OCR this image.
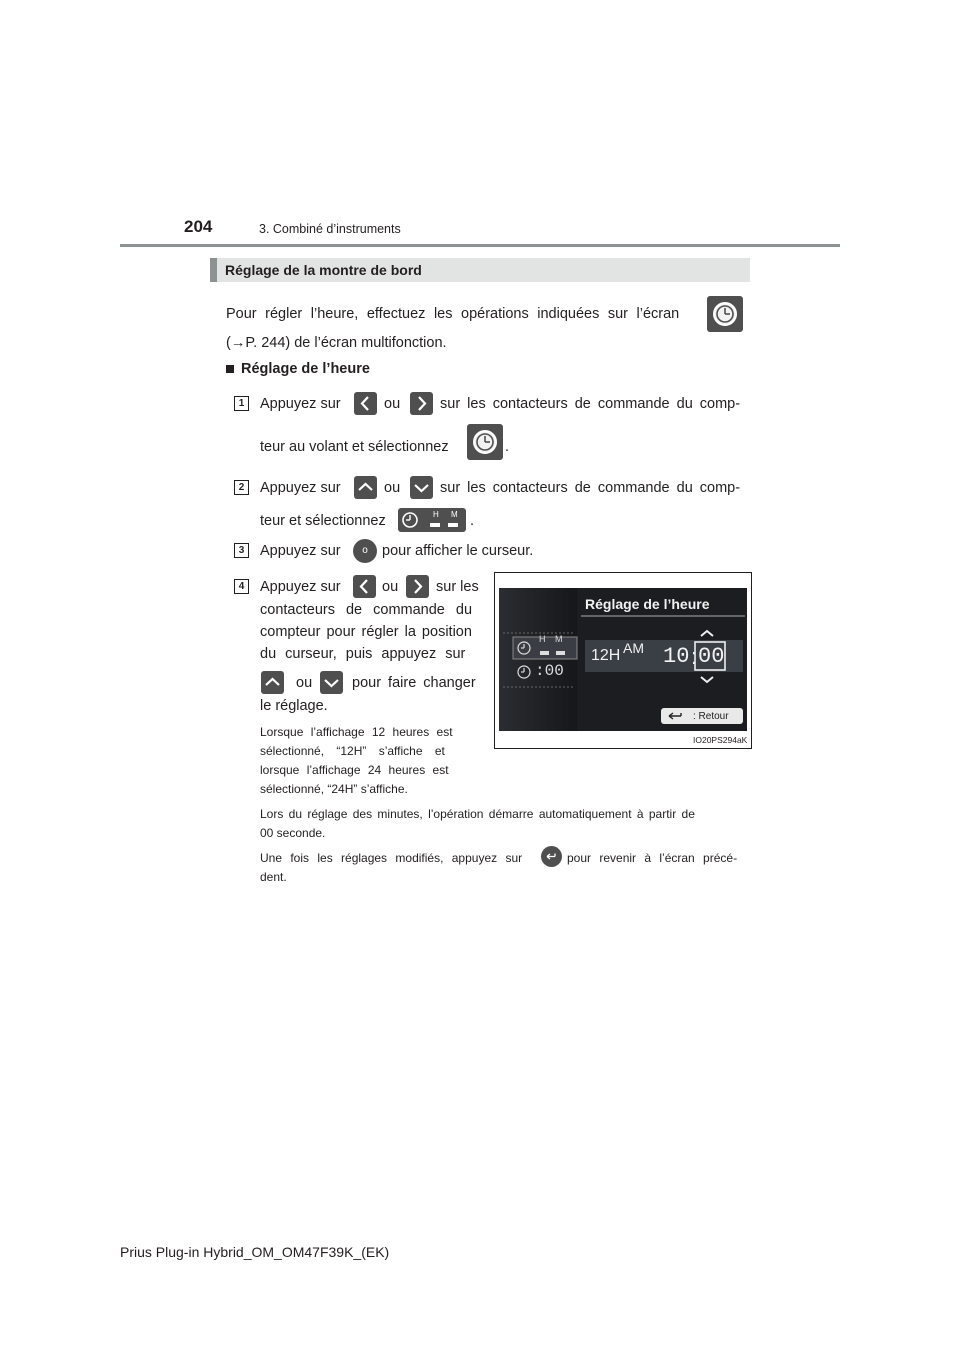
204	3. Combiné d’instruments
Réglage de la montre de bord
Pour régler l’heure, effectuez les opérations indiquées sur l’écran
(→P. 244) de l’écran multifonction.
Réglage de l’heure
1	Appuyez sur	ou	sur les contacteurs de commande du comp-
teur au volant et sélectionnez	.
2	Appuyez sur	ou	sur les contacteurs de commande du comp-
teur et sélectionnez	H M .
3	Appuyez sur	o pour afficher le curseur.
4	Appuyez sur	ou	sur les
contacteurs de commande du
compteur pour régler la position
du curseur, puis appuyez sur
ou	pour faire changer
le réglage.
Lorsque l’affichage 12 heures est
sélectionné, “12H” s’affiche et
lorsque l’affichage 24 heures est
sélectionné, “24H” s’affiche.
H M
:00
Réglage de l’heure
12H AM 10 : 00
: Retour
IO20PS294aK
Lors du réglage des minutes, l’opération démarre automatiquement à partir de
00 seconde.
Une fois les réglages modifiés, appuyez sur	pour revenir à l’écran précé-
dent.
Prius Plug-in Hybrid_OM_OM47F39K_(EK)
